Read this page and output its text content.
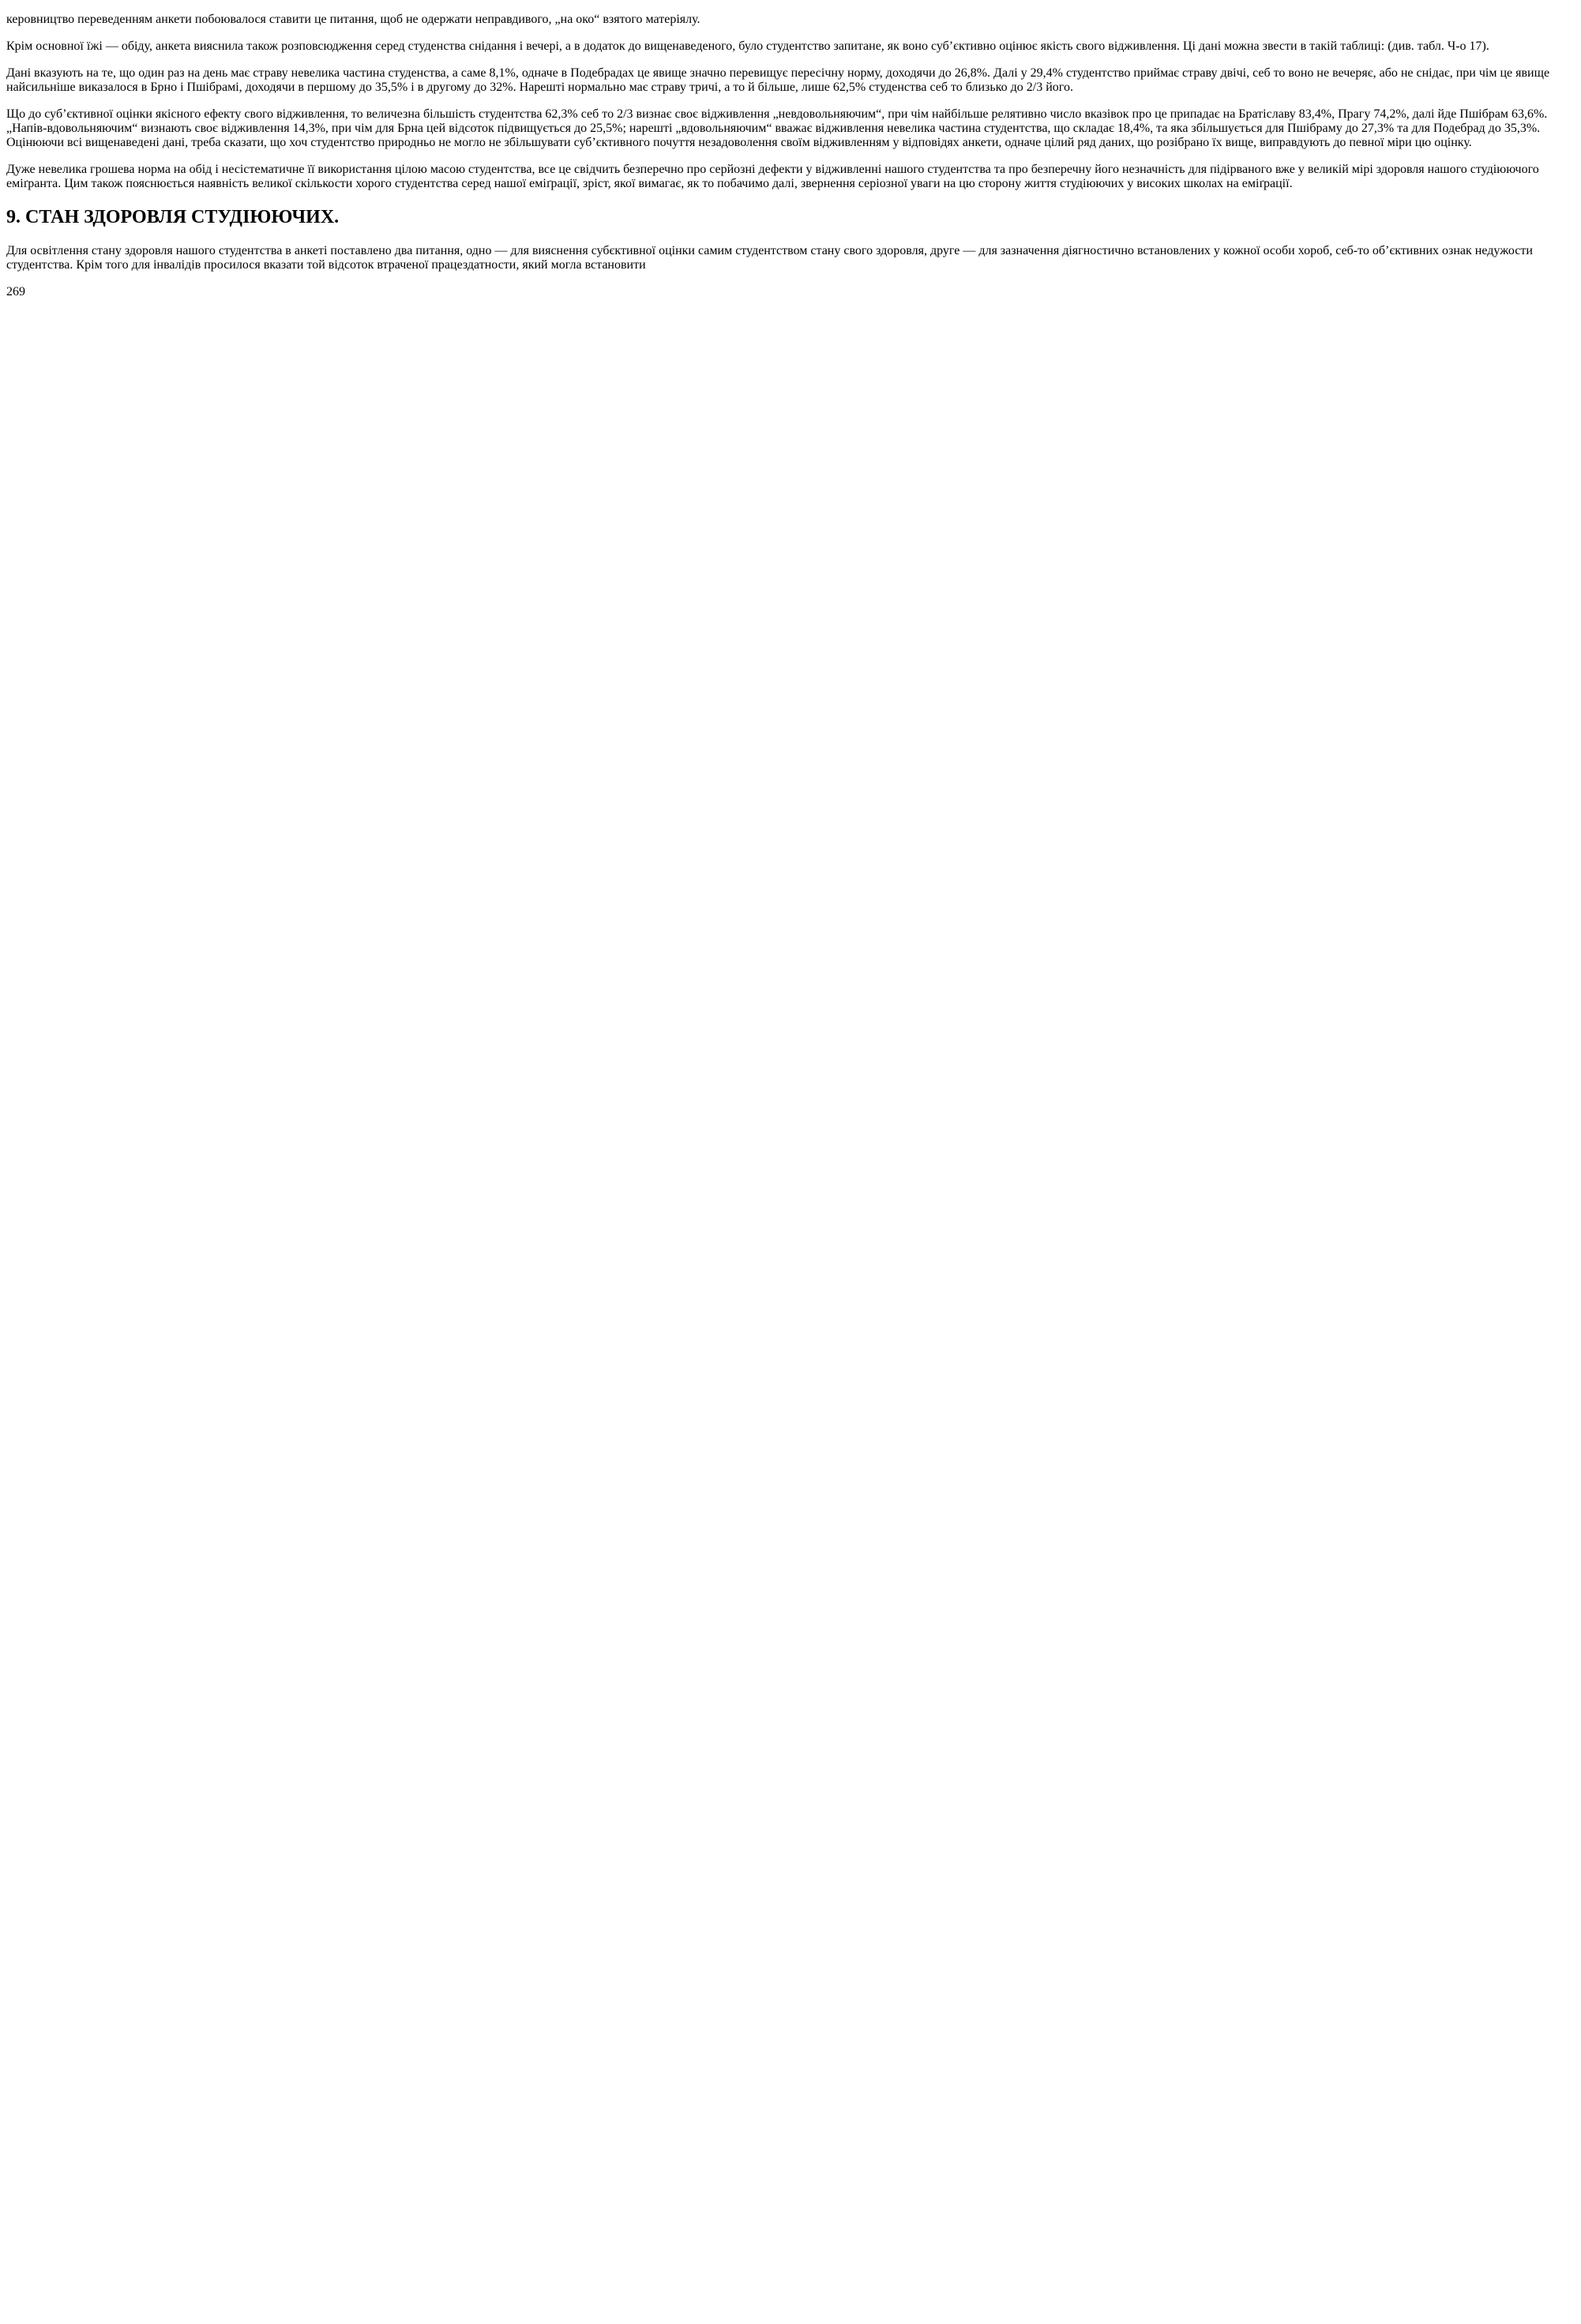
керовництво переведенням анкети побоювалося ставити це питання, щоб не одержати неправдивого, „на око“ взятого матеріялу.

Крім основної їжі — обіду, анкета вияснила також розповсюдження серед студенства снідання і вечері, а в додаток до вищенаведеного, було студентство запитане, як воно суб’єктивно оцінює якість свого відживлення. Ці дані можна звести в такій таблиці: (див. табл. Ч-о 17).

Дані вказують на те, що один раз на день має страву невелика частина студенства, а саме 8,1%, одначе в Подебрадах це явище значно перевищує пересічну норму, доходячи до 26,8%. Далі у 29,4% студентство приймає страву двічі, себ то воно не вечеряє, або не снідає, при чім це явище найсильніше виказалося в Брно і Пшібрамі, доходячи в першому до 35,5% і в другому до 32%. Нарешті нормально має страву тричі, а то й більше, лише 62,5% студенства себ то близько до 2/3 його.

Що до суб’єктивної оцінки якісного ефекту свого відживлення, то величезна більшість студентства 62,3% себ то 2/3 визнає своє відживлення „невдовольняючим“, при чім найбільше релятивно число вказівок про це припадає на Братіславу 83,4%, Прагу 74,2%, далі йде Пшібрам 63,6%. „Напів-вдовольняючим“ визнають своє відживлення 14,3%, при чім для Брна цей відсоток підвищується до 25,5%; нарешті „вдовольняючим“ вважає відживлення невелика частина студентства, що складає 18,4%, та яка збільшується для Пшібраму до 27,3% та для Подебрад до 35,3%. Оцінюючи всі вищенаведені дані, треба сказати, що хоч студентство природньо не могло не збільшувати суб’єктивного почуття незадоволення своїм відживленням у відповідях анкети, одначе цілий ряд даних, що розібрано їх вище, виправдують до певної міри цю оцінку.

Дуже невелика грошева норма на обід і несістематичне її використання цілою масою студентства, все це свідчить безперечно про серйозні дефекти у відживленні нашого студентства та про безперечну його незначність для підірваного вже у великій мірі здоровля нашого студіюючого еміґранта. Цим також пояснюється наявність великої скількости хорого студентства серед нашої еміґрації, зріст, якої вимагає, як то побачимо далі, звернення серіозної уваги на цю сторону життя студіюючих у високих школах на еміґрації.

9. СТАН ЗДОРОВЛЯ СТУДІЮЮЧИХ.

Для освітлення стану здоровля нашого студентства в анкеті поставлено два питання, одно — для вияснення субєктивної оцінки самим студентством стану свого здоровля, друге — для зазначення діягностично встановлених у кожної особи хороб, себ-то об’єктивних ознак недужости студентства. Крім того для інвалідів просилося вказати той відсоток втраченої працездатности, який могла встановити

269
